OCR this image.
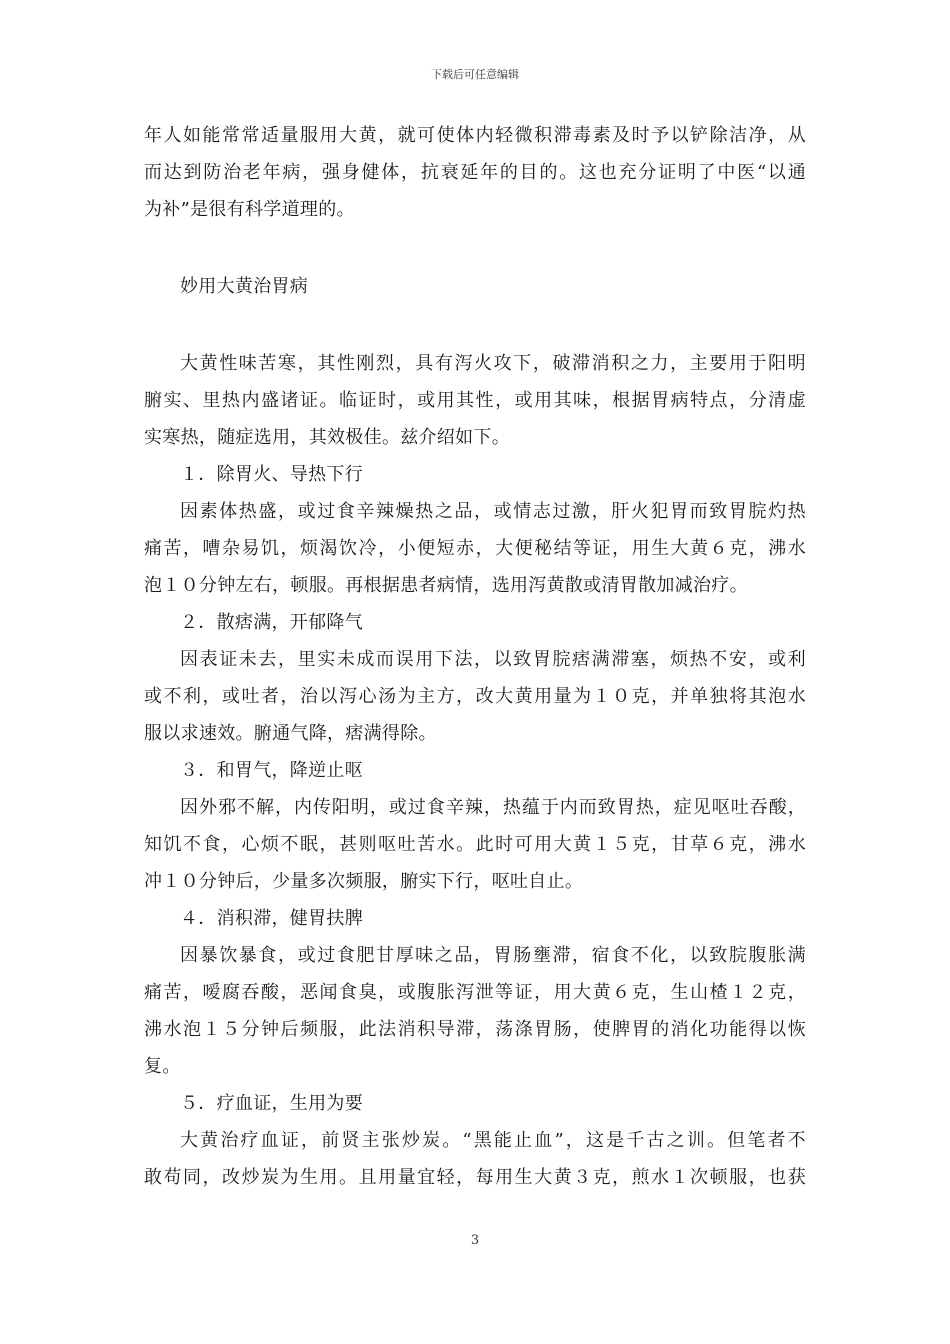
下载后可任意编辑
年人如能常常适量服用大黄，就可使体内轻微积滞毒素及时予以铲除洁净，从
而达到防治老年病，强身健体，抗衰延年的目的。这也充分证明了中医“以通
为补”是很有科学道理的。
妙用大黄治胃病
大黄性味苦寒，其性刚烈，具有泻火攻下，破滞消积之力，主要用于阳明
腑实、里热内盛诸证。临证时，或用其性，或用其味，根据胃病特点，分清虚
实寒热，随症选用，其效极佳。兹介绍如下。
１．除胃火、导热下行
因素体热盛，或过食辛辣燥热之品，或情志过激，肝火犯胃而致胃脘灼热
痛苦，嘈杂易饥，烦渴饮冷，小便短赤，大便秘结等证，用生大黄６克，沸水
泡１０分钟左右，顿服。再根据患者病情，选用泻黄散或清胃散加减治疗。
２．散痞满，开郁降气
因表证未去，里实未成而误用下法，以致胃脘痞满滞塞，烦热不安，或利
或不利，或吐者，治以泻心汤为主方，改大黄用量为１０克，并单独将其泡水
服以求速效。腑通气降，痞满得除。
３．和胃气，降逆止呕
因外邪不解，内传阳明，或过食辛辣，热蕴于内而致胃热，症见呕吐吞酸，
知饥不食，心烦不眠，甚则呕吐苦水。此时可用大黄１５克，甘草６克，沸水
冲１０分钟后，少量多次频服，腑实下行，呕吐自止。
４．消积滞，健胃扶脾
因暴饮暴食，或过食肥甘厚味之品，胃肠壅滞，宿食不化，以致脘腹胀满
痛苦，嗳腐吞酸，恶闻食臭，或腹胀泻泄等证，用大黄６克，生山楂１２克，
沸水泡１５分钟后频服，此法消积导滞，荡涤胃肠，使脾胃的消化功能得以恢
复。
５．疗血证，生用为要
大黄治疗血证，前贤主张炒炭。“黑能止血”，这是千古之训。但笔者不
敢苟同，改炒炭为生用。且用量宜轻，每用生大黄３克，煎水１次顿服，也获
3
